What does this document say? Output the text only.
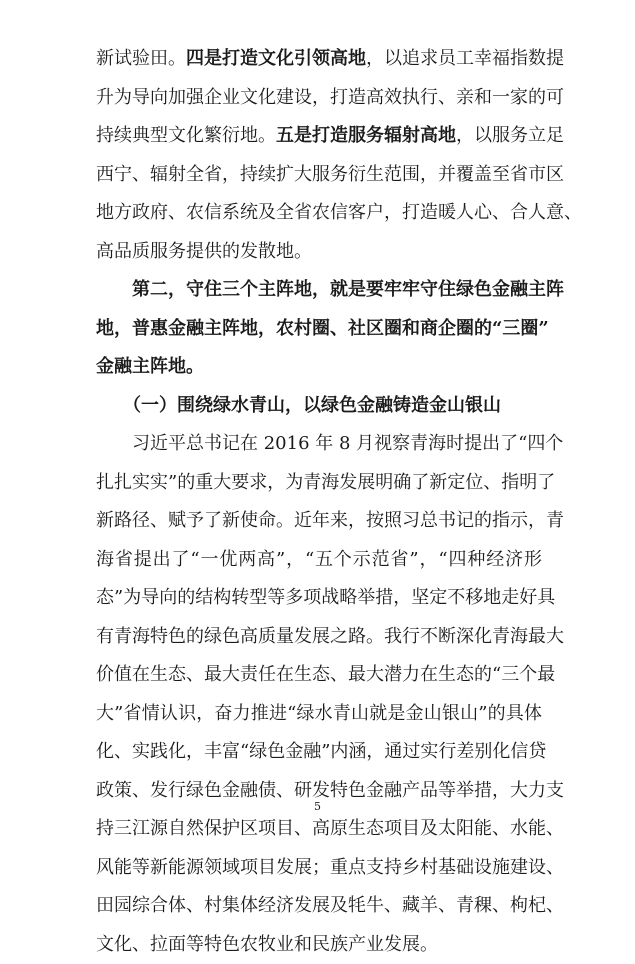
新试验田。四是打造文化引领高地，以追求员工幸福指数提
升为导向加强企业文化建设，打造高效执行、亲和一家的可
持续典型文化繁衍地。五是打造服务辐射高地，以服务立足
西宁、辐射全省，持续扩大服务衍生范围，并覆盖至省市区
地方政府、农信系统及全省农信客户，打造暖人心、合人意、
高品质服务提供的发散地。
　　第二，守住三个主阵地，就是要牢牢守住绿色金融主阵
地，普惠金融主阵地，农村圈、社区圈和商企圈的“三圈”
金融主阵地。
　　（一）围绕绿水青山，以绿色金融铸造金山银山
　　习近平总书记在 2016 年 8 月视察青海时提出了“四个
扎扎实实”的重大要求，为青海发展明确了新定位、指明了
新路径、赋予了新使命。近年来，按照习总书记的指示，青
海省提出了“一优两高”，“五个示范省”，“四种经济形
态”为导向的结构转型等多项战略举措，坚定不移地走好具
有青海特色的绿色高质量发展之路。我行不断深化青海最大
价值在生态、最大责任在生态、最大潜力在生态的“三个最
大”省情认识，奋力推进“绿水青山就是金山银山”的具体
化、实践化，丰富“绿色金融”内涵，通过实行差别化信贷
政策、发行绿色金融债、研发特色金融产品等举措，大力支
持三江源自然保护区项目、高原生态项目及太阳能、水能、
风能等新能源领域项目发展；重点支持乡村基础设施建设、
田园综合体、村集体经济发展及牦牛、藏羊、青稞、枸杞、
文化、拉面等特色农牧业和民族产业发展。
5
